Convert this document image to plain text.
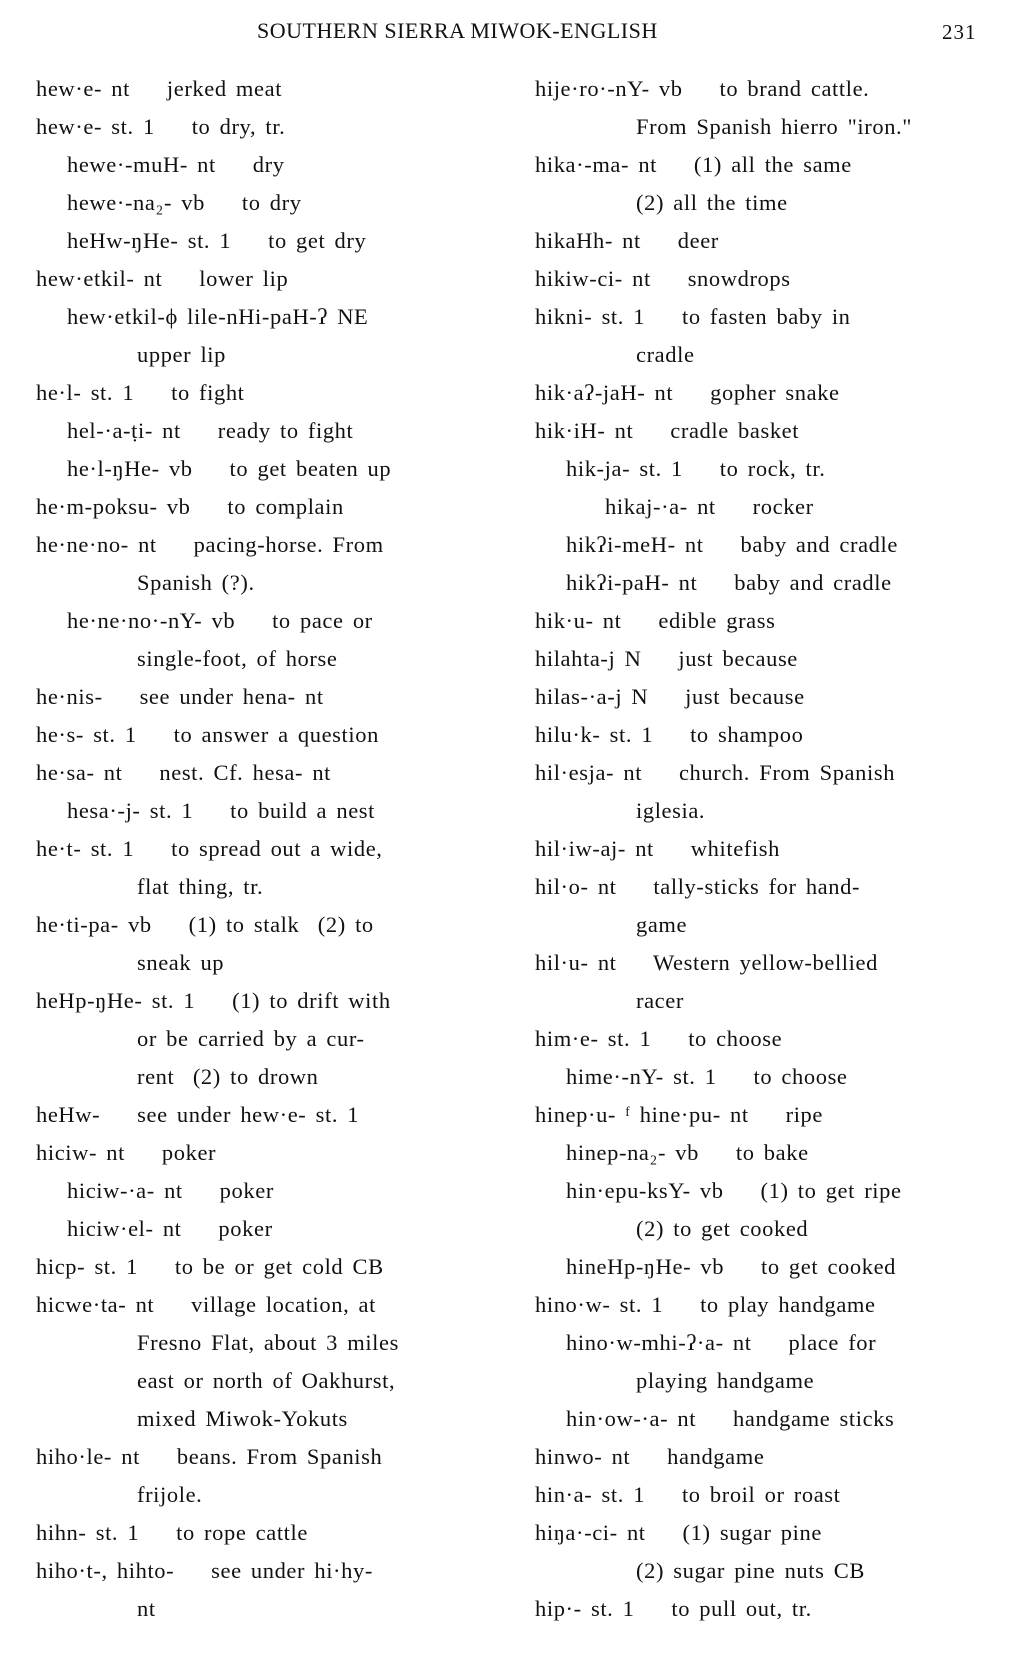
SOUTHERN SIERRA MIWOK-ENGLISH	231
hew·e- nt    jerked meat
hew·e- st. 1    to dry, tr.
hewe·-muH- nt    dry
hewe·-na₂- vb    to dry
heHw-ŋHe- st. 1    to get dry
hew·etkil- nt    lower lip
hew·etkil-ϕ lile-nHi-paH-ʔ NE
upper lip
he·l- st. 1    to fight
hel-·a-ṭi- nt    ready to fight
he·l-ŋHe- vb    to get beaten up
he·m-poksu- vb    to complain
he·ne·no- nt    pacing-horse. From
Spanish (?).
he·ne·no·-nY- vb    to pace or
single-foot, of horse
he·nis-    see under hena- nt
he·s- st. 1    to answer a question
he·sa- nt    nest. Cf. hesa- nt
hesa·-j- st. 1    to build a nest
he·t- st. 1    to spread out a wide,
flat thing, tr.
he·ti-pa- vb    (1) to stalk  (2) to
sneak up
heHp-ŋHe- st. 1    (1) to drift with
or be carried by a cur-
rent  (2) to drown
heHw-    see under hew·e- st. 1
hiciw- nt    poker
hiciw-·a- nt    poker
hiciw·el- nt    poker
hicp- st. 1    to be or get cold CB
hicwe·ta- nt    village location, at
Fresno Flat, about 3 miles
east or north of Oakhurst,
mixed Miwok-Yokuts
hiho·le- nt    beans. From Spanish
frijole.
hihn- st. 1    to rope cattle
hiho·t-, hihto-    see under hi·hy-
nt
hije·ro·-nY- vb    to brand cattle.
From Spanish hierro "iron."
hika·-ma- nt    (1) all the same
(2) all the time
hikaHh- nt    deer
hikiw-ci- nt    snowdrops
hikni- st. 1    to fasten baby in
cradle
hik·aʔ-jaH- nt    gopher snake
hik·iH- nt    cradle basket
hik-ja- st. 1    to rock, tr.
hikaj-·a- nt    rocker
hikʔi-meH- nt    baby and cradle
hikʔi-paH- nt    baby and cradle
hik·u- nt    edible grass
hilahta-j N    just because
hilas-·a-j N    just because
hilu·k- st. 1    to shampoo
hil·esja- nt    church. From Spanish
iglesia.
hil·iw-aj- nt    whitefish
hil·o- nt    tally-sticks for hand-
game
hil·u- nt    Western yellow-bellied
racer
him·e- st. 1    to choose
hime·-nY- st. 1    to choose
hinep·u- ᶠ hine·pu- nt    ripe
hinep-na₂- vb    to bake
hin·epu-ksY- vb    (1) to get ripe
(2) to get cooked
hineHp-ŋHe- vb    to get cooked
hino·w- st. 1    to play handgame
hino·w-mhi-ʔ·a- nt    place for
playing handgame
hin·ow-·a- nt    handgame sticks
hinwo- nt    handgame
hin·a- st. 1    to broil or roast
hiŋa·-ci- nt    (1) sugar pine
(2) sugar pine nuts CB
hip·- st. 1    to pull out, tr.
